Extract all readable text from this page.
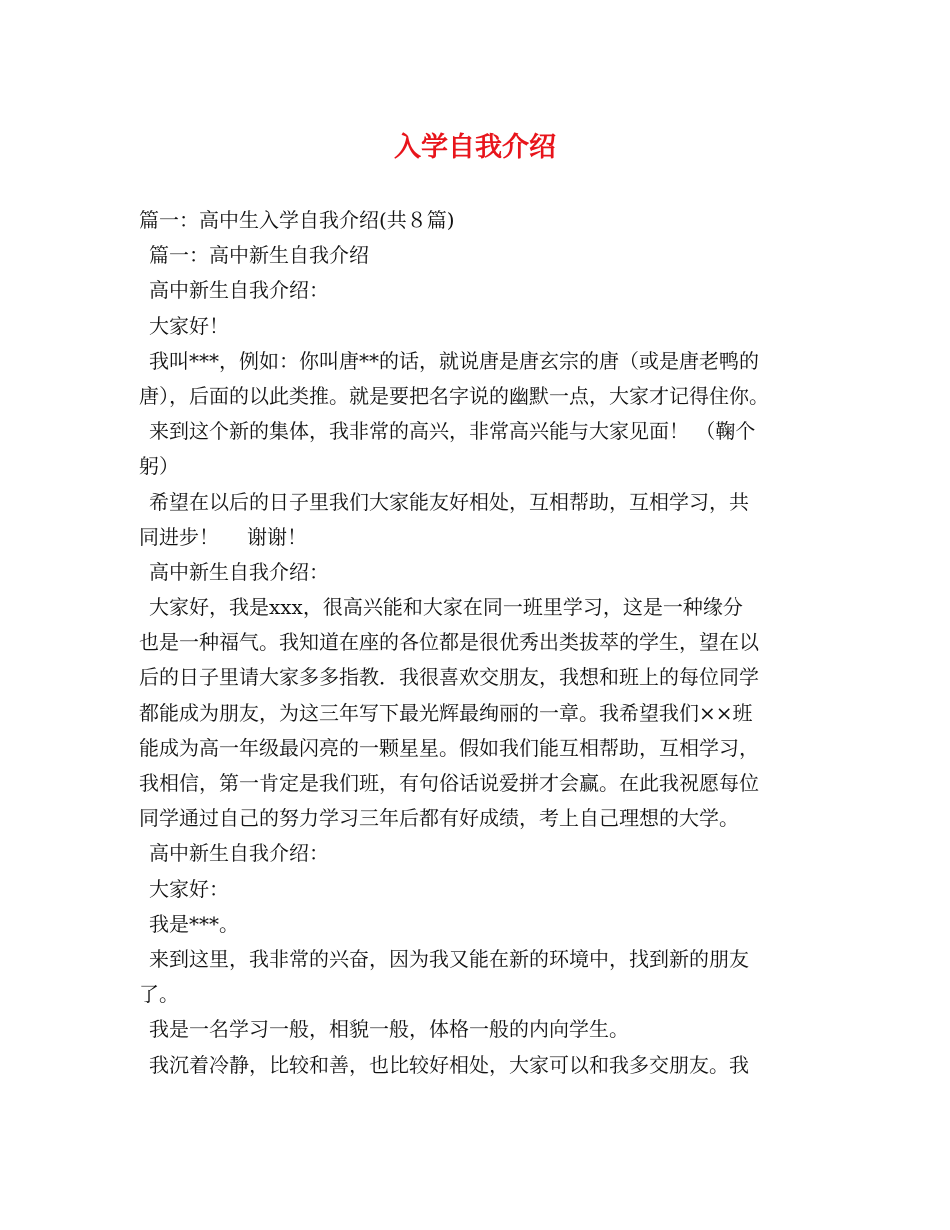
入学自我介绍
篇一：高中生入学自我介绍(共８篇)
篇一：高中新生自我介绍
高中新生自我介绍：
大家好！
我叫***，例如：你叫唐**的话，就说唐是唐玄宗的唐（或是唐老鸭的
唐），后面的以此类推。就是要把名字说的幽默一点，大家才记得住你。
来到这个新的集体，我非常的高兴，非常高兴能与大家见面！ （鞠个
躬）
希望在以后的日子里我们大家能友好相处，互相帮助，互相学习，共
同进步！ 谢谢！
高中新生自我介绍：
大家好，我是xxx，很高兴能和大家在同一班里学习，这是一种缘分
也是一种福气。我知道在座的各位都是很优秀出类拔萃的学生，望在以
后的日子里请大家多多指教．我很喜欢交朋友，我想和班上的每位同学
都能成为朋友，为这三年写下最光辉最绚丽的一章。我希望我们××班
能成为高一年级最闪亮的一颗星星。假如我们能互相帮助，互相学习，
我相信，第一肯定是我们班，有句俗话说爱拼才会赢。在此我祝愿每位
同学通过自己的努力学习三年后都有好成绩，考上自己理想的大学。
高中新生自我介绍：
大家好：
我是***。
来到这里，我非常的兴奋，因为我又能在新的环境中，找到新的朋友
了。
我是一名学习一般，相貌一般，体格一般的内向学生。
我沉着冷静，比较和善，也比较好相处，大家可以和我多交朋友。我
